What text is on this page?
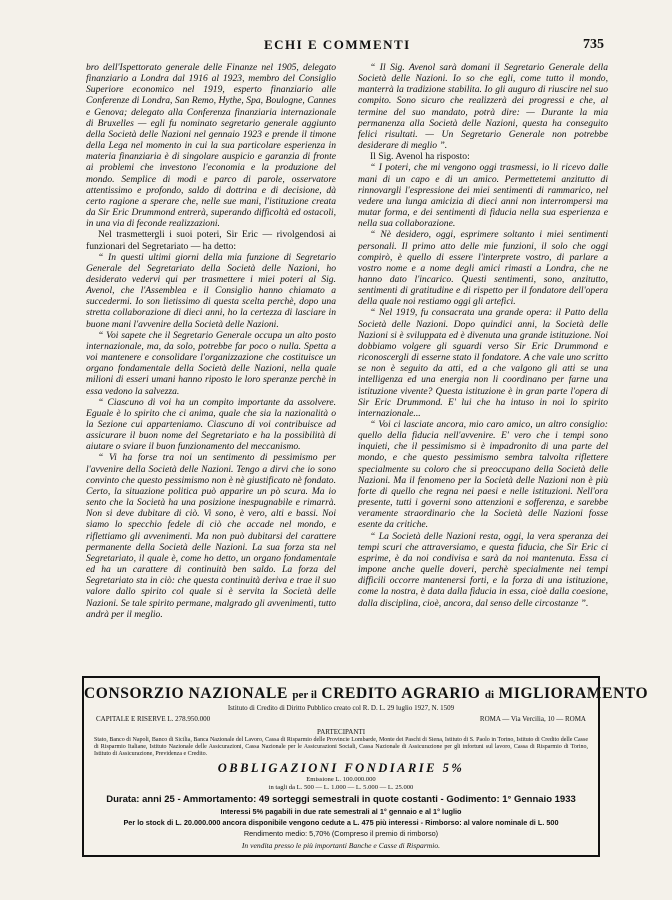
ECHI E COMMENTI	735

bro dell'Ispettorato generale delle Finanze nel 1905, delegato finanziario a Londra dal 1916 al 1923, membro del Consiglio Superiore economico nel 1919, esperto finanziario alle Conferenze di Londra, San Remo, Hythe, Spa, Boulogne, Cannes e Genova; delegato alla Conferenza finanziaria internazionale di Bruxelles — egli fu nominato segretario generale aggiunto della Società delle Nazioni nel gennaio 1923 e prende il timone della Lega nel momento in cui la sua particolare esperienza in materia finanziaria è di singolare auspicio e garanzia di fronte ai problemi che investono l'economia e la produzione del mondo. Semplice di modi e parco di parole, osservatore attentissimo e profondo, saldo di dottrina e di decisione, dà certo ragione a sperare che, nelle sue mani, l'istituzione creata da Sir Eric Drummond entrerà, superando difficoltà ed ostacoli, in una via di feconde realizzazioni.

Nel trasmettergli i suoi poteri, Sir Eric — rivolgendosi ai funzionari del Segretariato — ha detto:

“ In questi ultimi giorni della mia funzione di Segretario Generale del Segretariato della Società delle Nazioni, ho desiderato vedervi qui per trasmettere i miei poteri al Sig. Avenol, che l'Assemblea e il Consiglio hanno chiamato a succedermi. Io son lietissimo di questa scelta perchè, dopo una stretta collaborazione di dieci anni, ho la certezza di lasciare in buone mani l'avvenire della Società delle Nazioni.

“ Voi sapete che il Segretario Generale occupa un alto posto internazionale, ma, da solo, potrebbe far poco o nulla. Spetta a voi mantenere e consolidare l'organizzazione che costituisce un organo fondamentale della Società delle Nazioni, nella quale milioni di esseri umani hanno riposto le loro speranze perchè in essa vedono la salvezza.

“ Ciascuno di voi ha un compito importante da assolvere. Eguale è lo spirito che ci anima, quale che sia la nazionalità o la Sezione cui apparteniamo. Ciascuno di voi contribuisce ad assicurare il buon nome del Segretariato e ha la possibilità di aiutare o sviare il buon funzionamento del meccanismo.

“ Vi ha forse tra noi un sentimento di pessimismo per l'avvenire della Società delle Nazioni. Tengo a dirvi che io sono convinto che questo pessimismo non è nè giustificato nè fondato. Certo, la situazione politica può apparire un pò scura. Ma io sento che la Società ha una posizione inespugnabile e rimarrà. Non si deve dubitare di ciò. Vi sono, è vero, alti e bassi. Noi siamo lo specchio fedele di ciò che accade nel mondo, e riflettiamo gli avvenimenti. Ma non può dubitarsi del carattere permanente della Società delle Nazioni. La sua forza sta nel Segretariato, il quale è, come ho detto, un organo fondamentale ed ha un carattere di continuità ben saldo. La forza del Segretariato sta in ciò: che questa continuità deriva e trae il suo valore dallo spirito col quale si è servita la Società delle Nazioni. Se tale spirito permane, malgrado gli avvenimenti, tutto andrà per il meglio.

“ Il Sig. Avenol sarà domani il Segretario Generale della Società delle Nazioni. Io so che egli, come tutto il mondo, manterrà la tradizione stabilita. Io gli auguro di riuscire nel suo compito. Sono sicuro che realizzerà dei progressi e che, al termine del suo mandato, potrà dire: — Durante la mia permanenza alla Società delle Nazioni, questa ha conseguito felici risultati. — Un Segretario Generale non potrebbe desiderare di meglio ”.

Il Sig. Avenol ha risposto:

“ I poteri, che mi vengono oggi trasmessi, io li ricevo dalle mani di un capo e di un amico. Permettetemi anzitutto di rinnovargli l'espressione dei miei sentimenti di rammarico, nel vedere una lunga amicizia di dieci anni non interrompersi ma mutar forma, e dei sentimenti di fiducia nella sua esperienza e nella sua collaborazione.

“ Nè desidero, oggi, esprimere soltanto i miei sentimenti personali. Il primo atto delle mie funzioni, il solo che oggi compirò, è quello di essere l'interprete vostro, di parlare a vostro nome e a nome degli amici rimasti a Londra, che ne hanno dato l'incarico. Questi sentimenti, sono, anzitutto, sentimenti di gratitudine e di rispetto per il fondatore dell'opera della quale noi restiamo oggi gli artefici.

“ Nel 1919, fu consacrata una grande opera: il Patto della Società delle Nazioni. Dopo quindici anni, la Società delle Nazioni si è sviluppata ed è divenuta una grande istituzione. Noi dobbiamo volgere gli sguardi verso Sir Eric Drummond e riconoscergli di esserne stato il fondatore. A che vale uno scritto se non è seguito da atti, ed a che valgono gli atti se una intelligenza ed una energia non li coordinano per farne una istituzione vivente? Questa istituzione è in gran parte l'opera di Sir Eric Drummond. E' lui che ha intuso in noi lo spirito internazionale...

“ Voi ci lasciate ancora, mio caro amico, un altro consiglio: quello della fiducia nell'avvenire. E' vero che i tempi sono inquieti, che il pessimismo si è impadronito di una parte del mondo, e che questo pessimismo sembra talvolta riflettere specialmente su coloro che si preoccupano della Società delle Nazioni. Ma il fenomeno per la Società delle Nazioni non è più forte di quello che regna nei paesi e nelle istituzioni. Nell'ora presente, tutti i governi sono attenzioni e sofferenza, e sarebbe veramente straordinario che la Società delle Nazioni fosse esente da critiche.

“ La Società delle Nazioni resta, oggi, la vera speranza dei tempi scuri che attraversiamo, e questa fiducia, che Sir Eric ci esprime, è da noi condivisa e sarà da noi mantenuta. Essa ci impone anche quelle doveri, perchè specialmente nei tempi difficili occorre mantenersi forti, e la forza di una istituzione, come la nostra, è data dalla fiducia in essa, cioè dalla coesione, dalla disciplina, cioè, ancora, dal senso delle circostanze ”.

CONSORZIO NAZIONALE per il CREDITO AGRARIO di MIGLIORAMENTO
Istituto di Credito di Diritto Pubblico creato col R. D. L. 29 luglio 1927, N. 1509
CAPITALE E RISERVE L. 278.950.000	ROMA — Via Vercilia, 10 — ROMA
PARTECIPANTI
Stato, Banco di Napoli, Banco di Sicilia, Banca Nazionale del Lavoro, Cassa di Risparmio delle Provincie Lombarde, Monte dei Paschi di Siena, Istituto di S. Paolo in Torino, Istituto di Credito delle Casse di Risparmio Italiane, Istituto Nazionale delle Assicurazioni, Cassa Nazionale per le Assicurazioni Sociali, Cassa Nazionale di Assicurazione per gli infortuni sul lavoro, Cassa di Risparmio di Torino, Istituto di Assicurazione, Previdenza e Credito.
OBBLIGAZIONI FONDIARIE 5%
Emissione L. 100.000.000
in tagli da L. 500 — L. 1.000 — L. 5.000 — L. 25.000
Durata: anni 25 - Ammortamento: 49 sorteggi semestrali in quote costanti - Godimento: 1° Gennaio 1933
Interessi 5% pagabili in due rate semestrali al 1° gennaio e al 1° luglio
Per lo stock di L. 20.000.000 ancora disponibile vengono cedute a L. 475 più interessi - Rimborso: al valore nominale di L. 500
Rendimento medio: 5,70% (Compreso il premio di rimborso)
In vendita presso le più importanti Banche e Casse di Risparmio.
